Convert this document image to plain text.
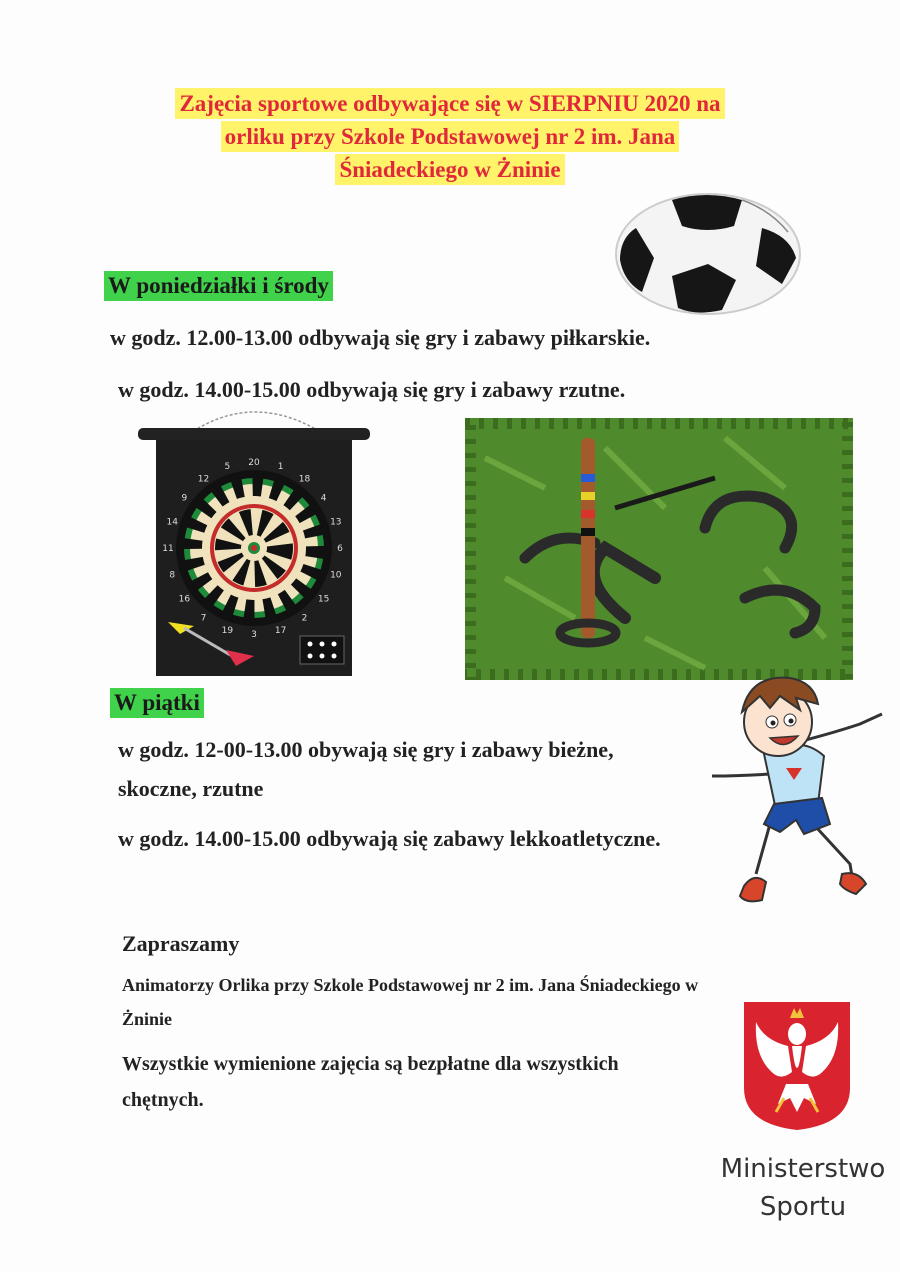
Zajęcia sportowe odbywające się w SIERPNIU 2020 na
orliku przy Szkole Podstawowej nr 2 im. Jana
Śniadeckiego w Żninie
W poniedziałki i środy
w godz. 12.00-13.00 odbywają się gry i zabawy piłkarskie.
w godz. 14.00-15.00 odbywają się gry i zabawy rzutne.
20 1
18
4
13
6
10
15
2
17
3
19
7
16
8
11
14
9
12
5
W piątki
w godz. 12-00-13.00 obywają się gry i zabawy bieżne,
skoczne, rzutne
w godz. 14.00-15.00 odbywają się zabawy lekkoatletyczne.
Zapraszamy
Animatorzy Orlika przy Szkole Podstawowej nr 2 im. Jana Śniadeckiego w
Żninie
Wszystkie wymienione zajęcia są bezpłatne dla wszystkich
chętnych.
Ministerstwo
Sportu
